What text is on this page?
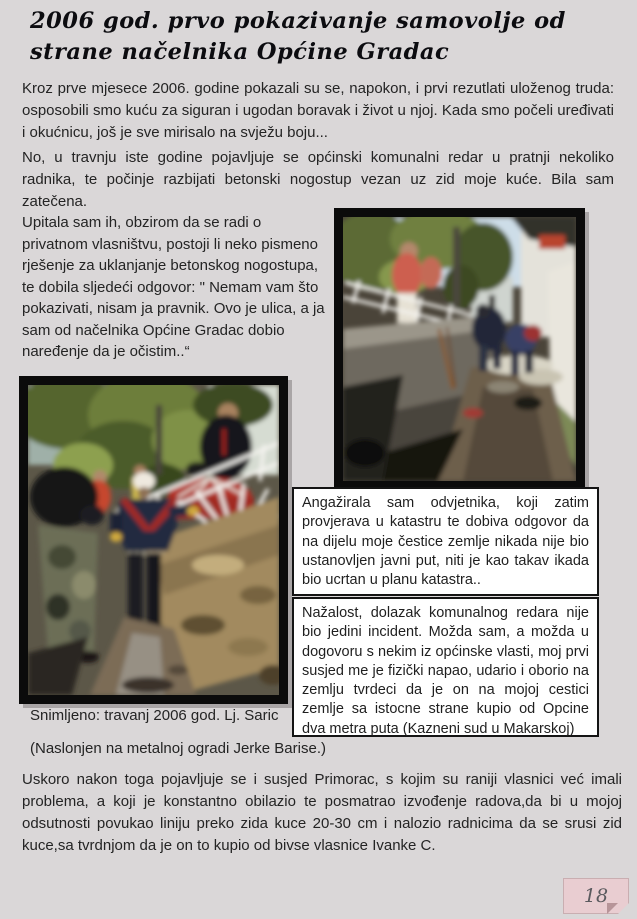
2006 god. prvo pokazivanje samovolje od strane načelnika Općine Gradac

Kroz prve mjesece 2006. godine pokazali su se, napokon, i prvi rezutlati uloženog truda: osposobili smo kuću za siguran i ugodan boravak i život u njoj. Kada smo počeli uređivati i okućnicu, još je sve mirisalo na svježu boju...

No, u travnju iste godine pojavljuje se općinski komunalni redar u pratnji nekoliko radnika, te počinje razbijati betonski nogostup vezan uz zid moje kuće. Bila sam zatečena.

Upitala sam ih, obzirom da se radi o privatnom vlasništvu, postoji li neko pismeno rješenje za uklanjanje betonskog nogostupa, te dobila sljedeći odgovor: " Nemam vam što pokazivati, nisam ja pravnik. Ovo je ulica, a ja sam od načelnika Općine Gradac dobio naređenje da je očistim..“

Angažirala sam odvjetnika, koji zatim provjerava u katastru te dobiva odgovor da na dijelu moje čestice zemlje nikada nije bio ustanovljen javni put, niti je kao takav ikada bio ucrtan u planu katastra..
Nažalost, dolazak komunalnog redara nije bio jedini incident. Možda sam, a možda u dogovoru s nekim iz općinske vlasti, moj prvi susjed me je fizički napao, udario i oborio na zemlju tvrdeci da je on na mojoj cestici zemlje sa istocne strane kupio od Opcine dva metra puta (Kazneni sud u Makarskoj)

Snimljeno: travanj 2006 god. Lj. Saric

(Naslonjen na metalnoj ogradi Jerke Barise.)

Uskoro nakon toga pojavljuje se i susjed Primorac, s kojim su raniji vlasnici već imali problema, a koji je konstantno obilazio te posmatrao izvođenje radova,da bi u mojoj odsutnosti povukao liniju preko zida kuce 20-30 cm i nalozio radnicima da se srusi zid kuce,sa tvrdnjom da je on to kupio od bivse vlasnice Ivanke C.

18
